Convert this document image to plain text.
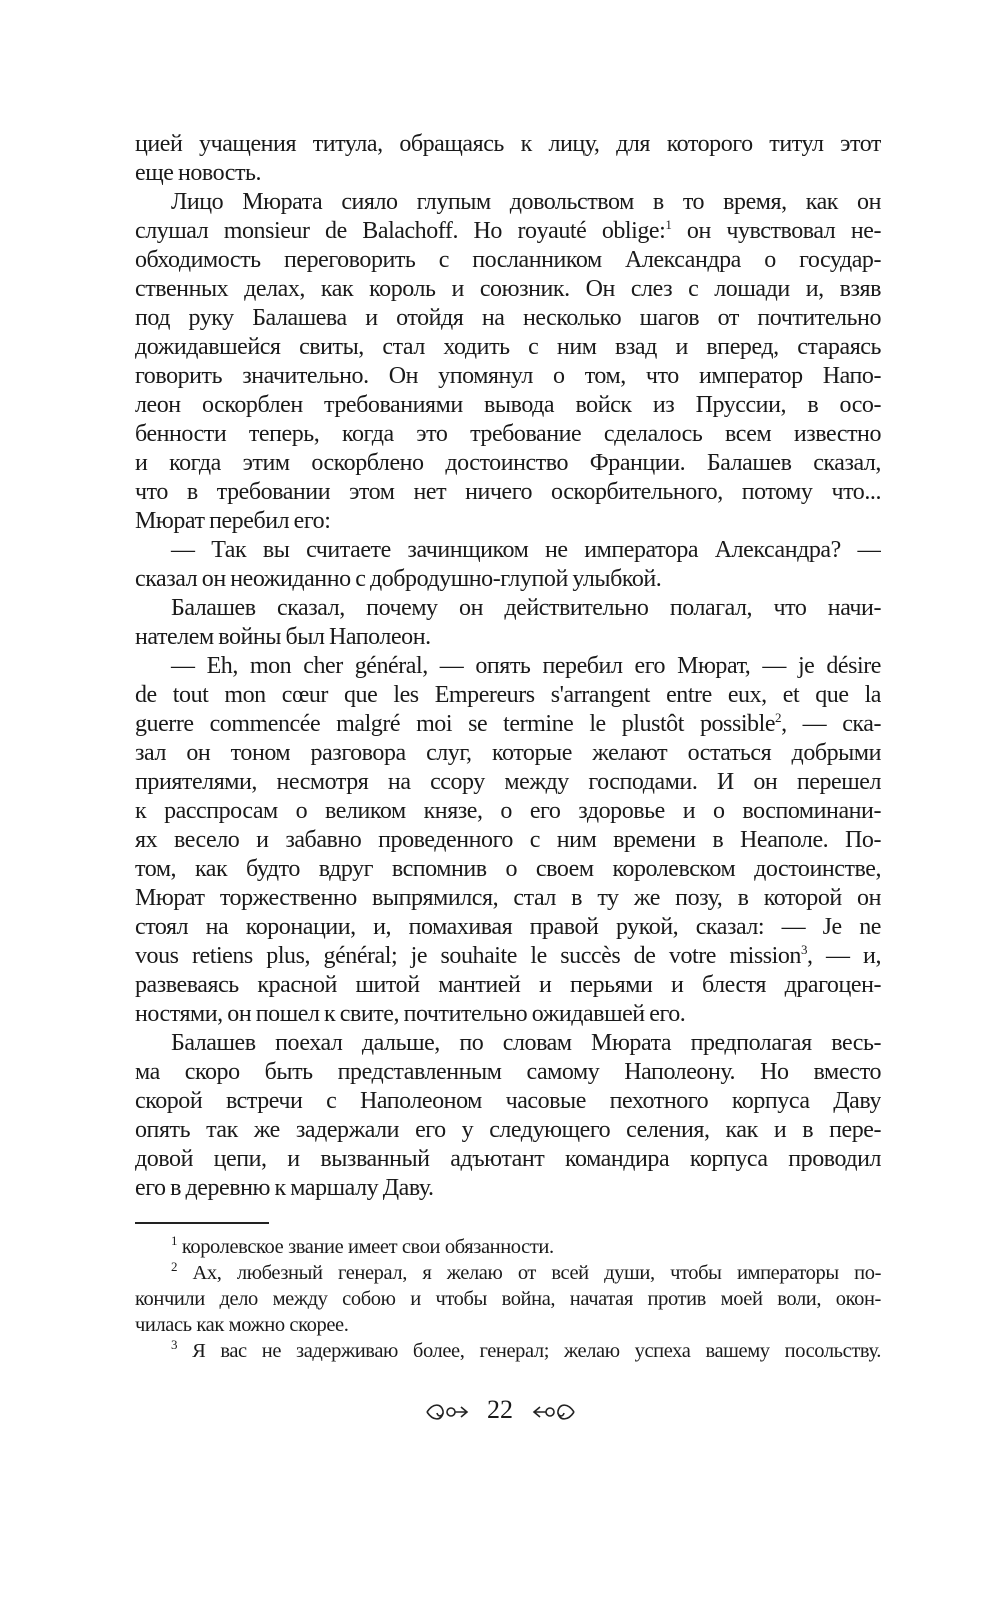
цией учащения титула, обращаясь к лицу, для которого титул этот
еще новость.
Лицо Мюрата сияло глупым довольством в то время, как он
слушал monsieur de Balachoff. Но royauté oblige:$^1$ он чувствовал не-
обходимость переговорить с посланником Александра о государ-
ственных делах, как король и союзник. Он слез с лошади и, взяв
под руку Балашева и отойдя на несколько шагов от почтительно
дожидавшейся свиты, стал ходить с ним взад и вперед, стараясь
говорить значительно. Он упомянул о том, что император Напо-
леон оскорблен требованиями вывода войск из Пруссии, в осо-
бенности теперь, когда это требование сделалось всем известно
и когда этим оскорблено достоинство Франции. Балашев сказал,
что в требовании этом нет ничего оскорбительного, потому что...
Мюрат перебил его:
— Так вы считаете зачинщиком не императора Александра? —
сказал он неожиданно с добродушно-глупой улыбкой.
Балашев сказал, почему он действительно полагал, что начи-
нателем войны был Наполеон.
— Eh, mon cher général, — опять перебил его Мюрат, — je désire
de tout mon cœur que les Empereurs s'arrangent entre eux, et que la
guerre commencée malgré moi se termine le plustôt possible$^2$, — ска-
зал он тоном разговора слуг, которые желают остаться добрыми
приятелями, несмотря на ссору между господами. И он перешел
к расспросам о великом князе, о его здоровье и о воспоминани-
ях весело и забавно проведенного с ним времени в Неаполе. По-
том, как будто вдруг вспомнив о своем королевском достоинстве,
Мюрат торжественно выпрямился, стал в ту же позу, в которой он
стоял на коронации, и, помахивая правой рукой, сказал: — Je ne
vous retiens plus, général; je souhaite le succès de votre mission$^3$, — и,
развеваясь красной шитой мантией и перьями и блестя драгоцен-
ностями, он пошел к свите, почтительно ожидавшей его.
Балашев поехал дальше, по словам Мюрата предполагая весь-
ма скоро быть представленным самому Наполеону. Но вместо
скорой встречи с Наполеоном часовые пехотного корпуса Даву
опять так же задержали его у следующего селения, как и в пере-
довой цепи, и вызванный адъютант командира корпуса проводил
его в деревню к маршалу Даву.
$^1$ королевское звание имеет свои обязанности.
$^2$ Ах, любезный генерал, я желаю от всей души, чтобы императоры по-
кончили дело между собою и чтобы война, начатая против моей воли, окон-
чилась как можно скорее.
$^3$ Я вас не задерживаю более, генерал; желаю успеха вашему посольству.
22
